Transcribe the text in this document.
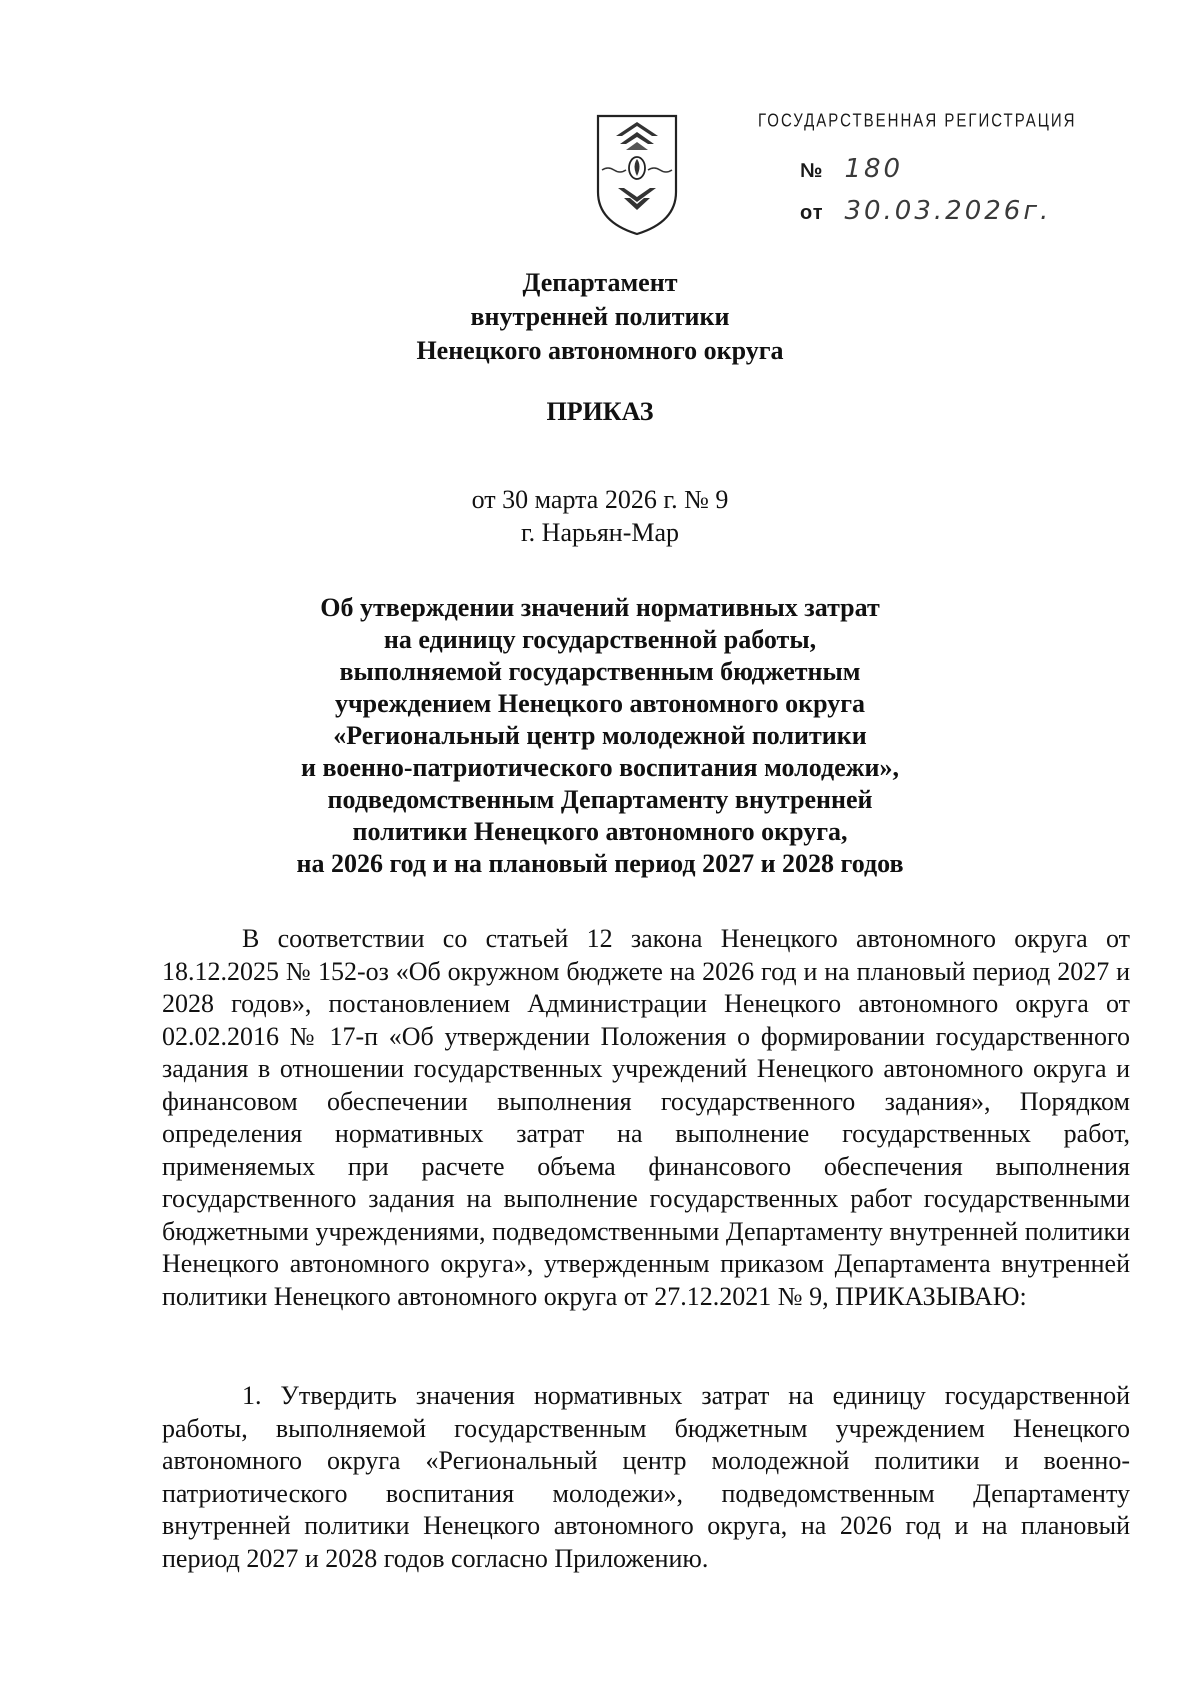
ГОСУДАРСТВЕННАЯ РЕГИСТРАЦИЯ
№ 180
от 30.03.2026г.
Департамент
внутренней политики
Ненецкого автономного округа
ПРИКАЗ
от 30 марта 2026 г. № 9
г. Нарьян-Мар
Об утверждении значений нормативных затрат
на единицу государственной работы,
выполняемой государственным бюджетным
учреждением Ненецкого автономного округа
«Региональный центр молодежной политики
и военно-патриотического воспитания молодежи»,
подведомственным Департаменту внутренней
политики Ненецкого автономного округа,
на 2026 год и на плановый период 2027 и 2028 годов
В соответствии со статьей 12 закона Ненецкого автономного округа от 18.12.2025 № 152-оз «Об окружном бюджете на 2026 год и на плановый период 2027 и 2028 годов», постановлением Администрации Ненецкого автономного округа от 02.02.2016 № 17-п «Об утверждении Положения о формировании государственного задания в отношении государственных учреждений Ненецкого автономного округа и финансовом обеспечении выполнения государственного задания», Порядком определения нормативных затрат на выполнение государственных работ, применяемых при расчете объема финансового обеспечения выполнения государственного задания на выполнение государственных работ государственными бюджетными учреждениями, подведомственными Департаменту внутренней политики Ненецкого автономного округа», утвержденным приказом Департамента внутренней политики Ненецкого автономного округа от 27.12.2021 № 9, ПРИКАЗЫВАЮ:
1. Утвердить значения нормативных затрат на единицу государственной работы, выполняемой государственным бюджетным учреждением Ненецкого автономного округа «Региональный центр молодежной политики и военно-патриотического воспитания молодежи», подведомственным Департаменту внутренней политики Ненецкого автономного округа, на 2026 год и на плановый период 2027 и 2028 годов согласно Приложению.
